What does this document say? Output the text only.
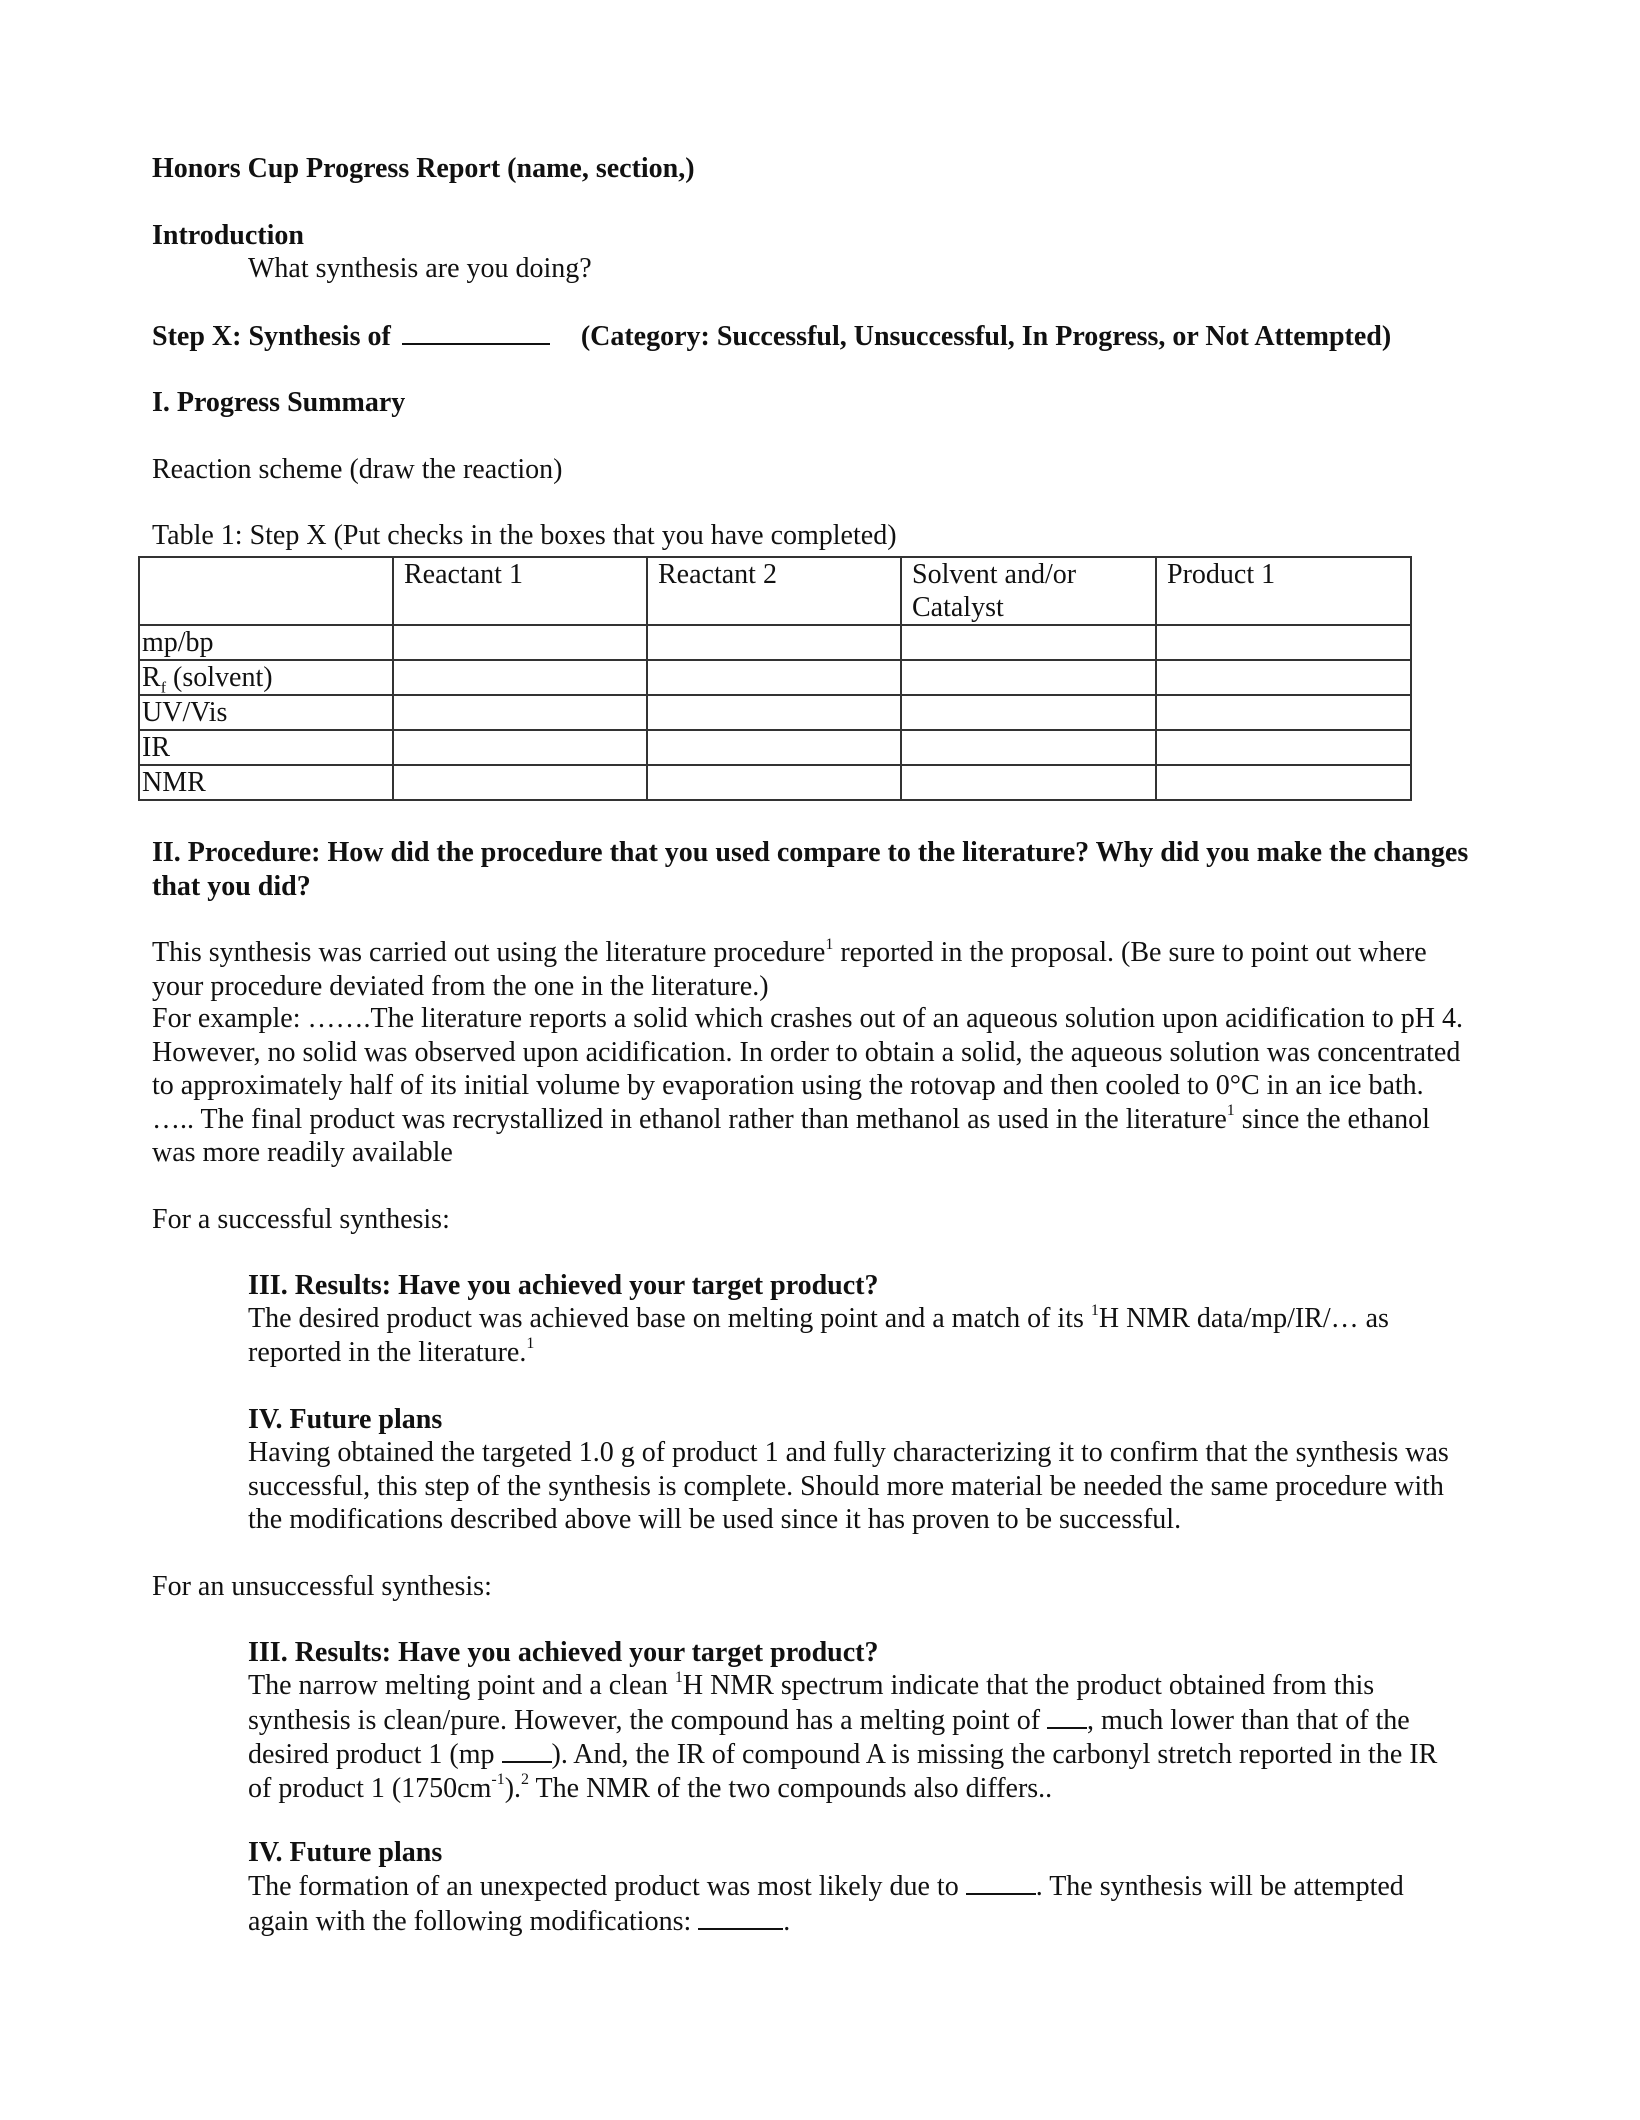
Honors Cup Progress Report (name, section,)
Introduction
What synthesis are you doing?
Step X: Synthesis of	(Category: Successful, Unsuccessful, In Progress, or Not Attempted)
I. Progress Summary
Reaction scheme (draw the reaction)
Table 1: Step X (Put checks in the boxes that you have completed)
	Reactant 1	Reactant 2	Solvent and/or Catalyst	Product 1
mp/bp				
$R_f$ (solvent)				
UV/Vis				
IR				
NMR				
II. Procedure: How did the procedure that you used compare to the literature? Why did you make the changes that you did?
This synthesis was carried out using the literature procedure$^1$ reported in the proposal. (Be sure to point out where your procedure deviated from the one in the literature.)
For example: …….The literature reports a solid which crashes out of an aqueous solution upon acidification to pH 4. However, no solid was observed upon acidification. In order to obtain a solid, the aqueous solution was concentrated to approximately half of its initial volume by evaporation using the rotovap and then cooled to 0°C in an ice bath. ….. The final product was recrystallized in ethanol rather than methanol as used in the literature$^1$ since the ethanol was more readily available
For a successful synthesis:
III. Results: Have you achieved your target product?
The desired product was achieved base on melting point and a match of its $^1$H NMR data/mp/IR/… as reported in the literature.$^1$
IV. Future plans
Having obtained the targeted 1.0 g of product 1 and fully characterizing it to confirm that the synthesis was successful, this step of the synthesis is complete. Should more material be needed the same procedure with the modifications described above will be used since it has proven to be successful.
For an unsuccessful synthesis:
III. Results: Have you achieved your target product?
The narrow melting point and a clean $^1$H NMR spectrum indicate that the product obtained from this synthesis is clean/pure. However, the compound has a melting point of , much lower than that of the desired product 1 (mp ). And, the IR of compound A is missing the carbonyl stretch reported in the IR of product 1 $(1750cm^{-1}).^2$ The NMR of the two compounds also differs..
IV. Future plans
The formation of an unexpected product was most likely due to	. The synthesis will be attempted again with the following modifications:	.
